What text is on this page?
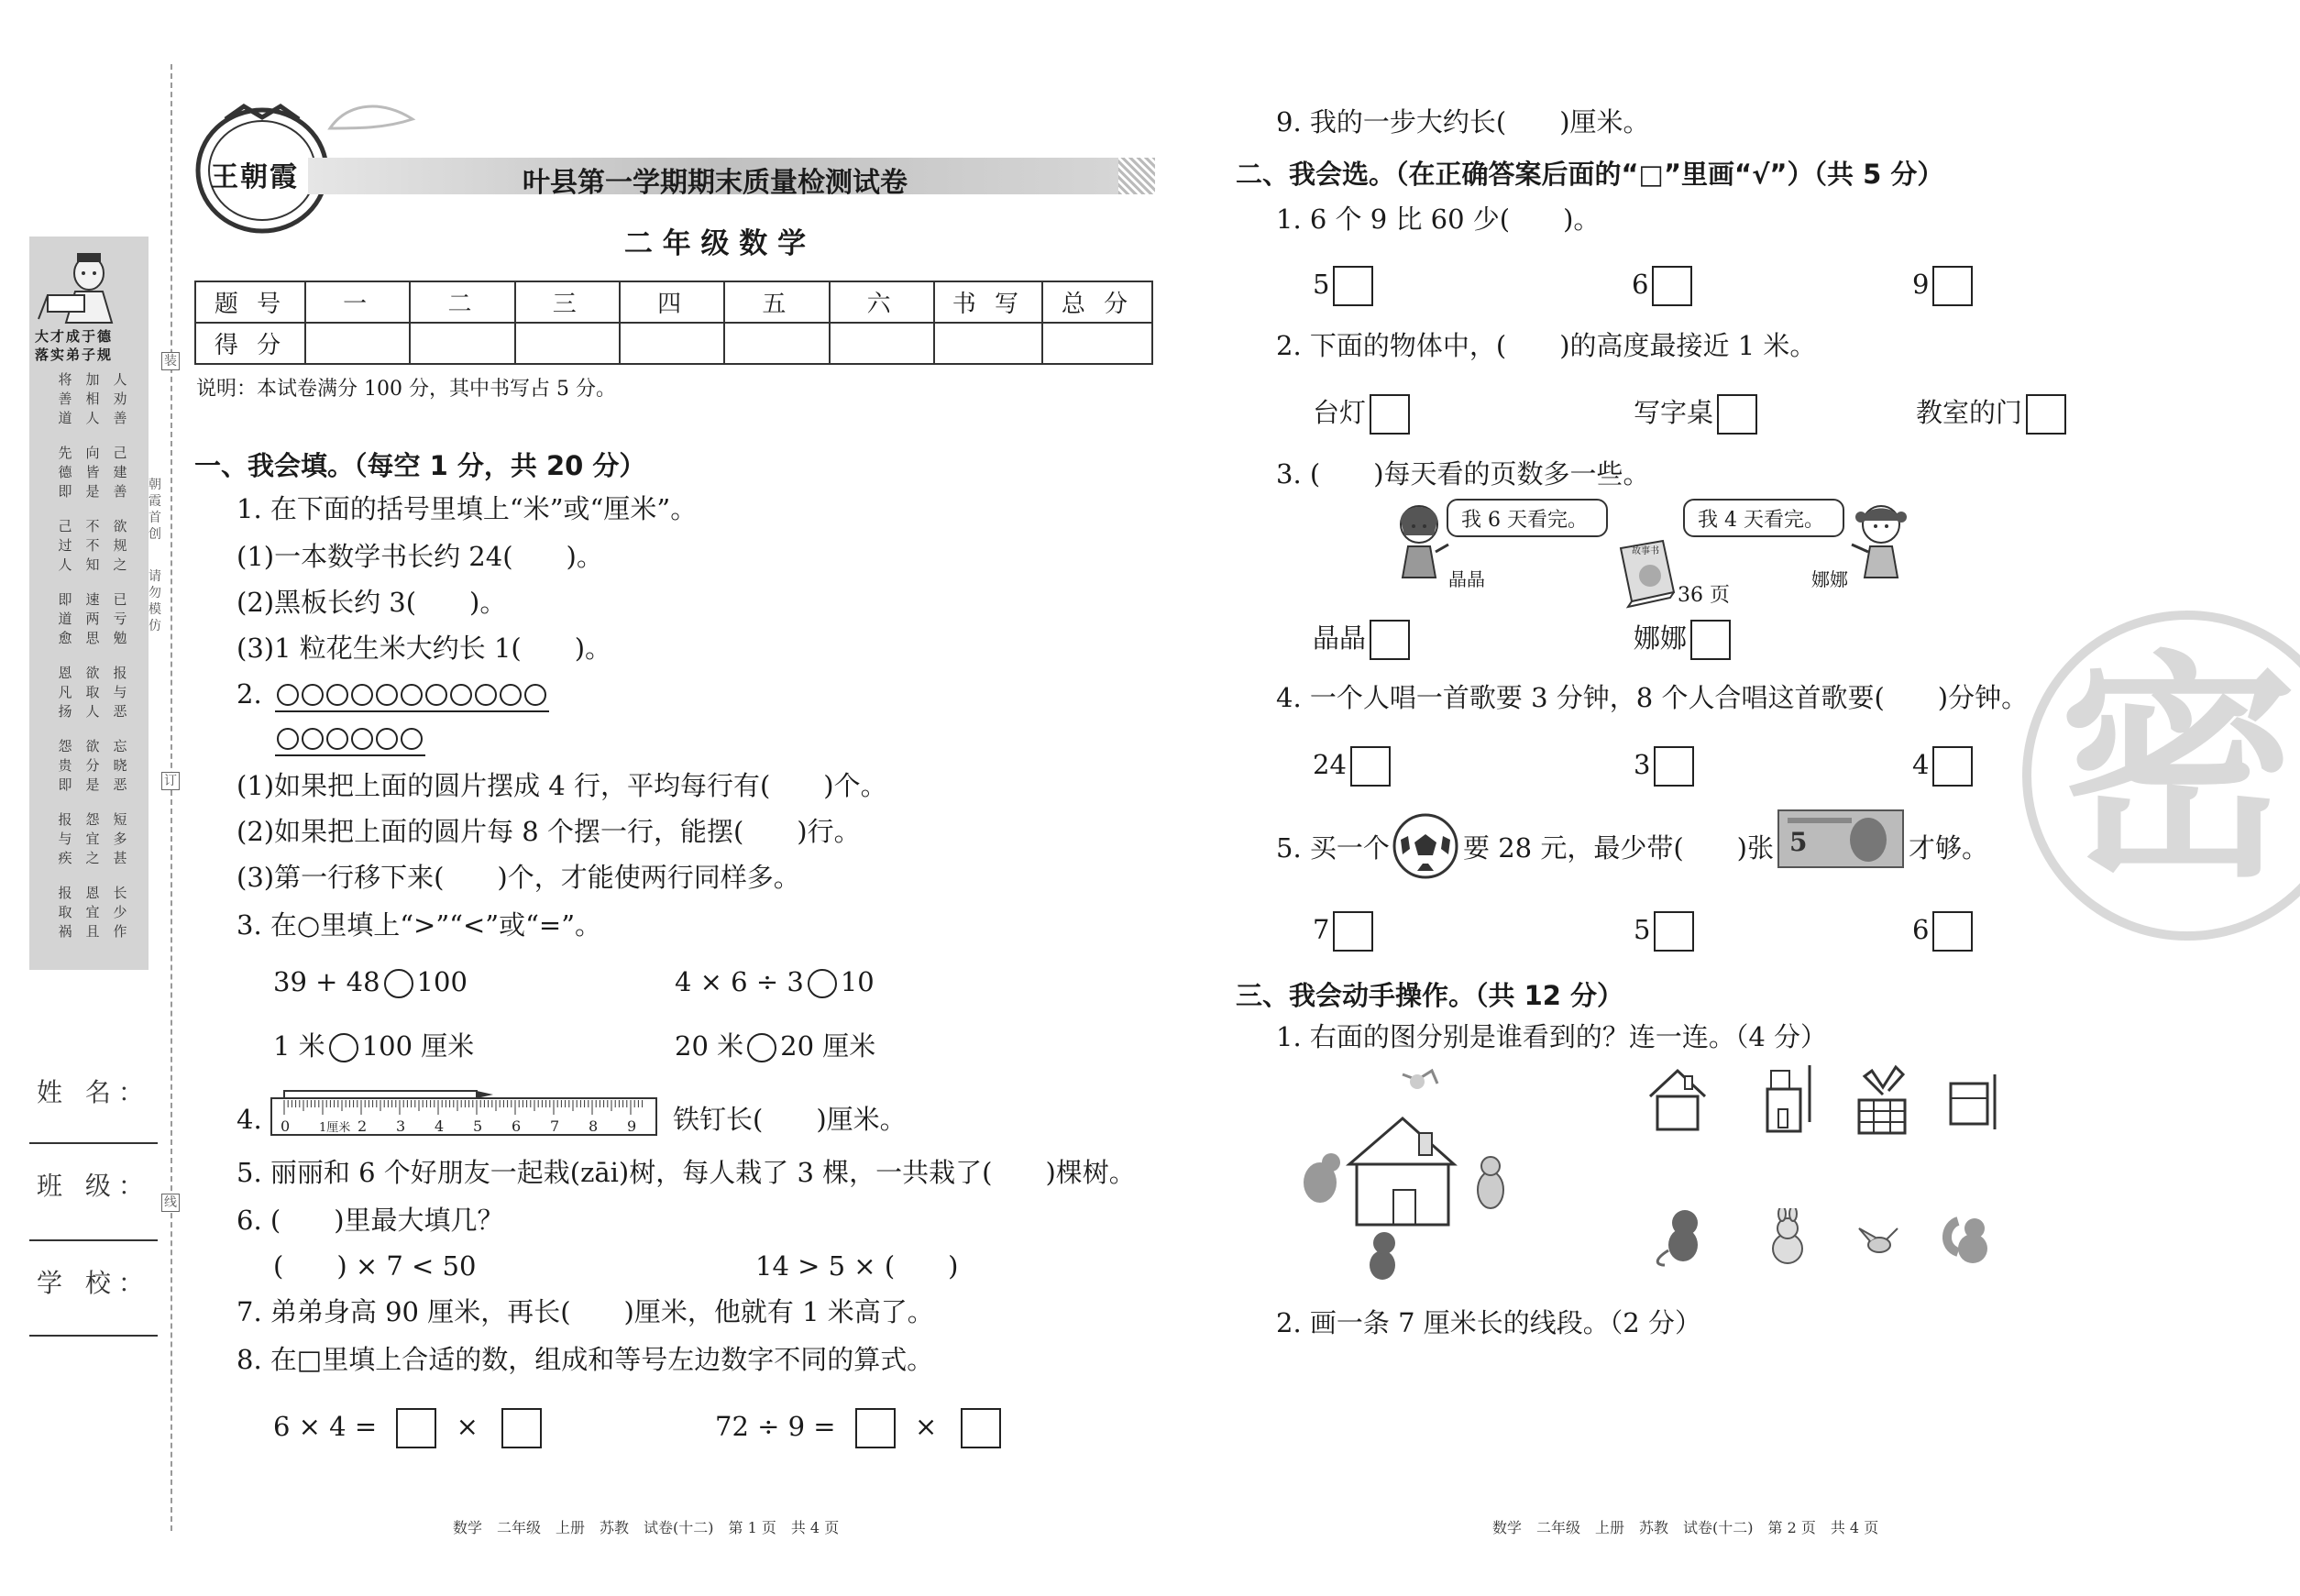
大才成于德
落实弟子规
将善道
加相人
人劝善
先德即
向皆是
己建善
己过人
不不知
欲规之
即道愈
速两思
已亏勉
恩凡扬
欲取人
报与恶
怨贵即
欲分是
忘晓恶
报与疾
怨宜之
短多甚
报取祸
恩宜且
长少作
朝霞首创
请勿模仿
装
订
线
姓 名：
班 级：
学 校：
王朝霞	叶县第一学期期末质量检测试卷
二 年 级 数 学
题 号	一	二	三	四	五	六	书 写	总 分
得 分								
说明：本试卷满分 100 分，其中书写占 5 分。
一、我会填。（每空 1 分，共 20 分）
1. 在下面的括号里填上“米”或“厘米”。
(1)一本数学书长约 24(　　)。
(2)黑板长约 3(　　)。
(3)1 粒花生米大约长 1(　　)。
2.
(1)如果把上面的圆片摆成 4 行，平均每行有(　　)个。
(2)如果把上面的圆片每 8 个摆一行，能摆(　　)行。
(3)第一行移下来(　　)个，才能使两行同样多。
3. 在○里填上“>”“<”或“=”。
39 + 48 100	4 × 6 ÷ 3 10
1 米 100 厘米	20 米 20 厘米
4. 0 1厘米 2 3 4 5 6 7 8 9 铁钉长(　　)厘米。
5. 丽丽和 6 个好朋友一起栽(zāi)树，每人栽了 3 棵，一共栽了(　　)棵树。
6. (　　)里最大填几？
(　　) × 7 < 50	14 > 5 × (　　)
7. 弟弟身高 90 厘米，再长(　　)厘米，他就有 1 米高了。
8. 在□里填上合适的数，组成和等号左边数字不同的算式。
6 × 4 =	×	72 ÷ 9 =	×
数学　二年级　上册　苏教　试卷(十二)　第 1 页　共 4 页
9. 我的一步大约长(　　)厘米。
二、我会选。（在正确答案后面的“□”里画“√”）（共 5 分）
1. 6 个 9 比 60 少(　　)。
5	6	9
2. 下面的物体中，(　　)的高度最接近 1 米。
台灯	写字桌	教室的门
3. (　　)每天看的页数多一些。
我 6 天看完。
晶晶
故事书
36 页
我 4 天看完。
娜娜
晶晶	娜娜
4. 一个人唱一首歌要 3 分钟，8 个人合唱这首歌要(　　)分钟。
24	3	4
5. 买一个	要 28 元，最少带(　　)张 5	才够。
7	5	6
密
三、我会动手操作。（共 12 分）
1. 右面的图分别是谁看到的？连一连。（4 分）
2. 画一条 7 厘米长的线段。（2 分）
数学　二年级　上册　苏教　试卷(十二)　第 2 页　共 4 页
